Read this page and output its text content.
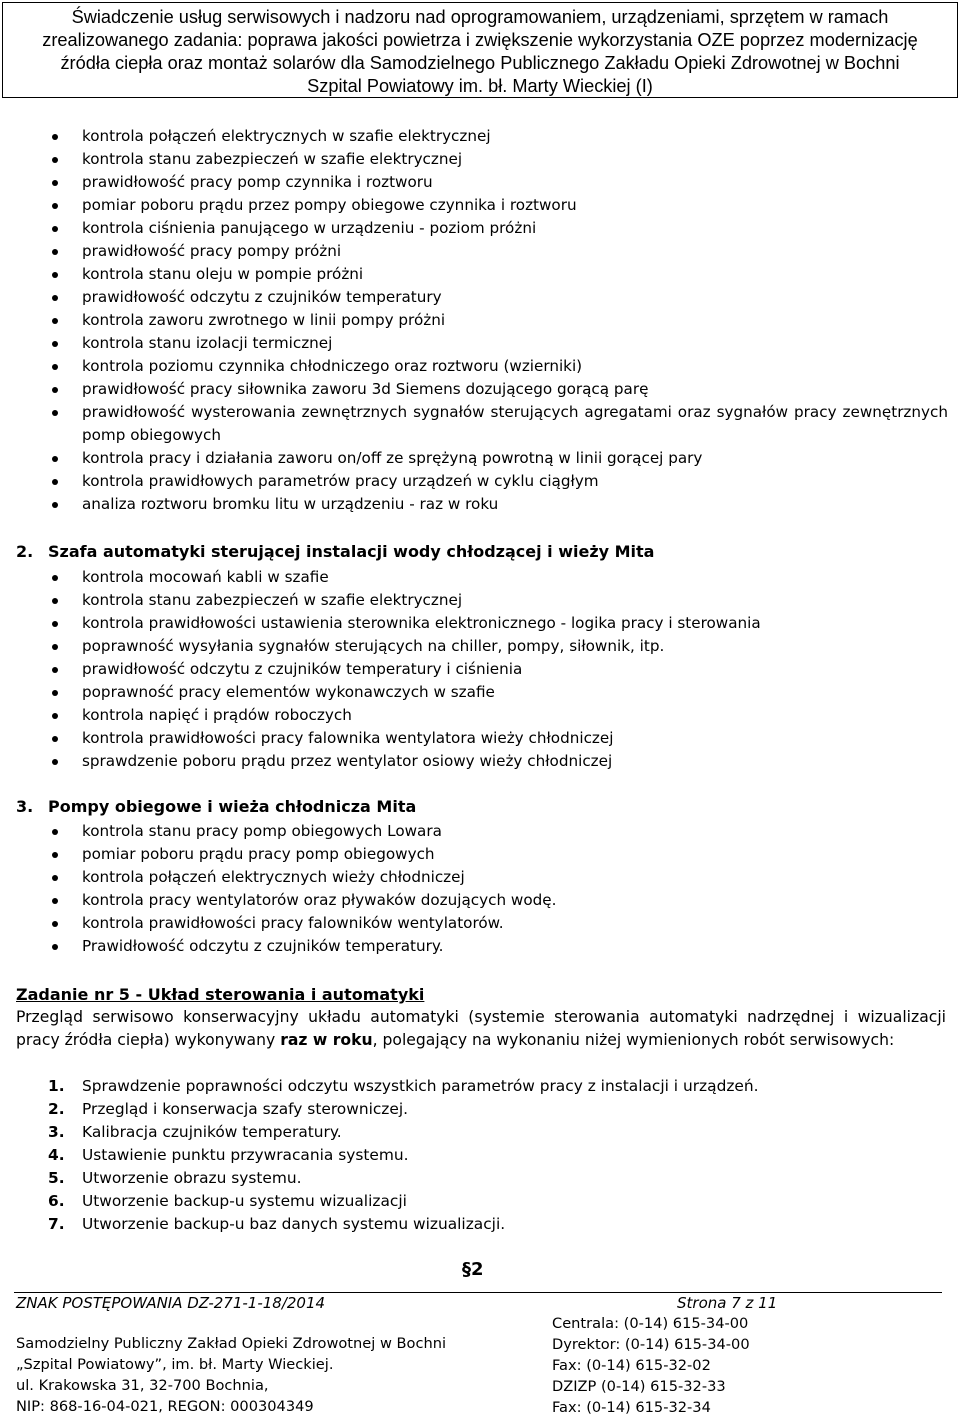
Świadczenie usług serwisowych i nadzoru nad oprogramowaniem, urządzeniami, sprzętem w ramach
zrealizowanego zadania: poprawa jakości powietrza i zwiększenie wykorzystania OZE poprzez modernizację
źródła ciepła oraz montaż solarów dla Samodzielnego Publicznego Zakładu Opieki Zdrowotnej w Bochni
Szpital Powiatowy im. bł. Marty Wieckiej (I)
kontrola połączeń elektrycznych w szafie elektrycznej
kontrola stanu zabezpieczeń w szafie elektrycznej
prawidłowość pracy pomp czynnika i roztworu
pomiar poboru prądu przez pompy obiegowe czynnika i roztworu
kontrola ciśnienia panującego w urządzeniu - poziom próżni
prawidłowość pracy pompy próżni
kontrola stanu oleju w pompie próżni
prawidłowość odczytu z czujników temperatury
kontrola zaworu zwrotnego w linii pompy próżni
kontrola stanu izolacji termicznej
kontrola poziomu czynnika chłodniczego oraz roztworu (wzierniki)
prawidłowość pracy siłownika zaworu 3d Siemens dozującego gorącą parę
prawidłowość wysterowania zewnętrznych sygnałów sterujących agregatami oraz sygnałów pracy zewnętrznych pomp obiegowych
kontrola pracy i działania zaworu on/off ze sprężyną powrotną w linii gorącej pary
kontrola prawidłowych parametrów pracy urządzeń w cyklu ciągłym
analiza roztworu bromku litu w urządzeniu - raz w roku
2. Szafa automatyki sterującej instalacji wody chłodzącej i wieży Mita
kontrola mocowań kabli w szafie
kontrola stanu zabezpieczeń w szafie elektrycznej
kontrola prawidłowości ustawienia sterownika elektronicznego - logika pracy i sterowania
poprawność wysyłania sygnałów sterujących na chiller, pompy, siłownik, itp.
prawidłowość odczytu z czujników temperatury i ciśnienia
poprawność pracy elementów wykonawczych w szafie
kontrola napięć i prądów roboczych
kontrola prawidłowości pracy falownika wentylatora wieży chłodniczej
sprawdzenie poboru prądu przez wentylator osiowy wieży chłodniczej
3. Pompy obiegowe i wieża chłodnicza Mita
kontrola stanu pracy pomp obiegowych Lowara
pomiar poboru prądu pracy pomp obiegowych
kontrola połączeń elektrycznych wieży chłodniczej
kontrola pracy wentylatorów oraz pływaków dozujących wodę.
kontrola prawidłowości pracy falowników wentylatorów.
Prawidłowość odczytu z czujników temperatury.
Zadanie nr 5 - Układ sterowania i automatyki
Przegląd serwisowo konserwacyjny układu automatyki (systemie sterowania automatyki nadrzędnej i wizualizacji pracy źródła ciepła) wykonywany raz w roku, polegający na wykonaniu niżej wymienionych robót serwisowych:
1. Sprawdzenie poprawności odczytu wszystkich parametrów pracy z instalacji i urządzeń.
2. Przegląd i konserwacja szafy sterowniczej.
3. Kalibracja czujników temperatury.
4. Ustawienie punktu przywracania systemu.
5. Utworzenie obrazu systemu.
6. Utworzenie backup-u systemu wizualizacji
7. Utworzenie backup-u baz danych systemu wizualizacji.
§2
ZNAK POSTĘPOWANIA DZ-271-1-18/2014	Strona 7 z 11
Samodzielny Publiczny Zakład Opieki Zdrowotnej w Bochni
„Szpital Powiatowy”, im. bł. Marty Wieckiej.
ul. Krakowska 31, 32-700 Bochnia,
NIP: 868-16-04-021, REGON: 000304349
Centrala: (0-14) 615-34-00
Dyrektor: (0-14) 615-34-00
Fax: (0-14) 615-32-02
DZIZP (0-14) 615-32-33
Fax: (0-14) 615-32-34
